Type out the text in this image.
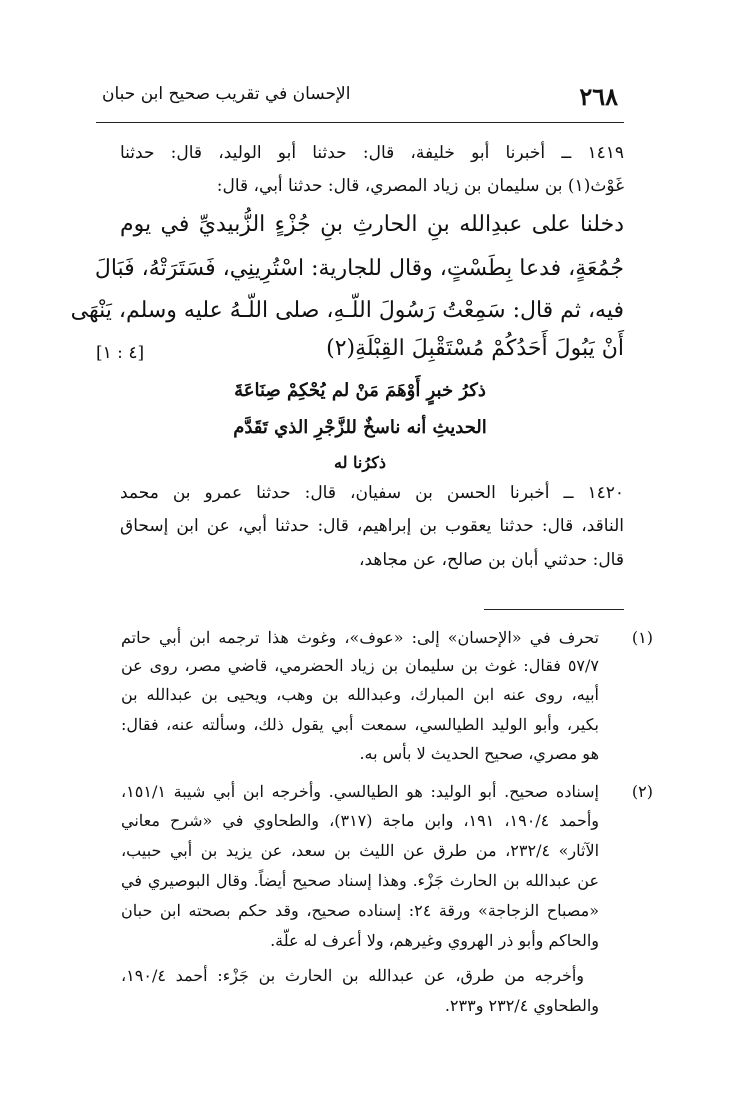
٢٦٨
الإحسان في تقريب صحيح ابن حبان
١٤١٩ ــ أخبرنا أبو خليفة، قال: حدثنا أبو الوليد، قال: حدثنا
غَوْث(١) بن سليمان بن زياد المصري، قال: حدثنا أبي، قال:
دخلنا على عبدِالله بنِ الحارثِ بنِ جُزْءٍ الزُّبيديِّ في يوم
جُمُعَةٍ، فدعا بِطَسْتٍ، وقال للجارية: اسْتُرِينِي، فَسَتَرَتْهُ، فَبَالَ
فيه، ثم قال: سَمِعْتُ رَسُولَ اللّـهِ، صلى اللّـهُ عليه وسلم، يَنْهَى
أَنْ يَبُولَ أَحَدُكُمْ مُسْتَقْبِلَ القِبْلَةِ(٢)
[٤ : ١]
ذكرُ خبرٍ أَوْهَمَ مَنْ لم يُحْكِمْ صِنَاعَةَ
الحديثِ أنه ناسخٌ للزَّجْرِ الذي تَقَدَّم
ذكرُنا له
١٤٢٠ ــ أخبرنا الحسن بن سفيان، قال: حدثنا عمرو بن محمد
الناقد، قال: حدثنا يعقوب بن إبراهيم، قال: حدثنا أبي، عن ابن إسحاق
قال: حدثني أبان بن صالح، عن مجاهد،
(١)
تحرف في «الإحسان» إلى: «عوف»، وغوث هذا ترجمه ابن أبي حاتم
٥٧/٧ فقال: غوث بن سليمان بن زياد الحضرمي، قاضي مصر، روى عن
أبيه، روى عنه ابن المبارك، وعبدالله بن وهب، ويحيى بن عبدالله بن
بكير، وأبو الوليد الطيالسي، سمعت أبي يقول ذلك، وسألته عنه، فقال:
هو مصري، صحيح الحديث لا بأس به.
(٢)
إسناده صحيح. أبو الوليد: هو الطيالسي. وأخرجه ابن أبي شيبة ١٥١/١،
وأحمد ١٩٠/٤، ١٩١، وابن ماجة (٣١٧)، والطحاوي في «شرح معاني
الآثار» ٢٣٢/٤، من طرق عن الليث بن سعد، عن يزيد بن أبي حبيب،
عن عبدالله بن الحارث جَزْء. وهذا إسناد صحيح أيضاً. وقال البوصيري في
«مصباح الزجاجة» ورقة ٢٤: إسناده صحيح، وقد حكم بصحته ابن حبان
والحاكم وأبو ذر الهروي وغيرهم، ولا أعرف له علّة.
وأخرجه من طرق، عن عبدالله بن الحارث بن جَزْء: أحمد ١٩٠/٤،
والطحاوي ٢٣٢/٤ و٢٣٣.
